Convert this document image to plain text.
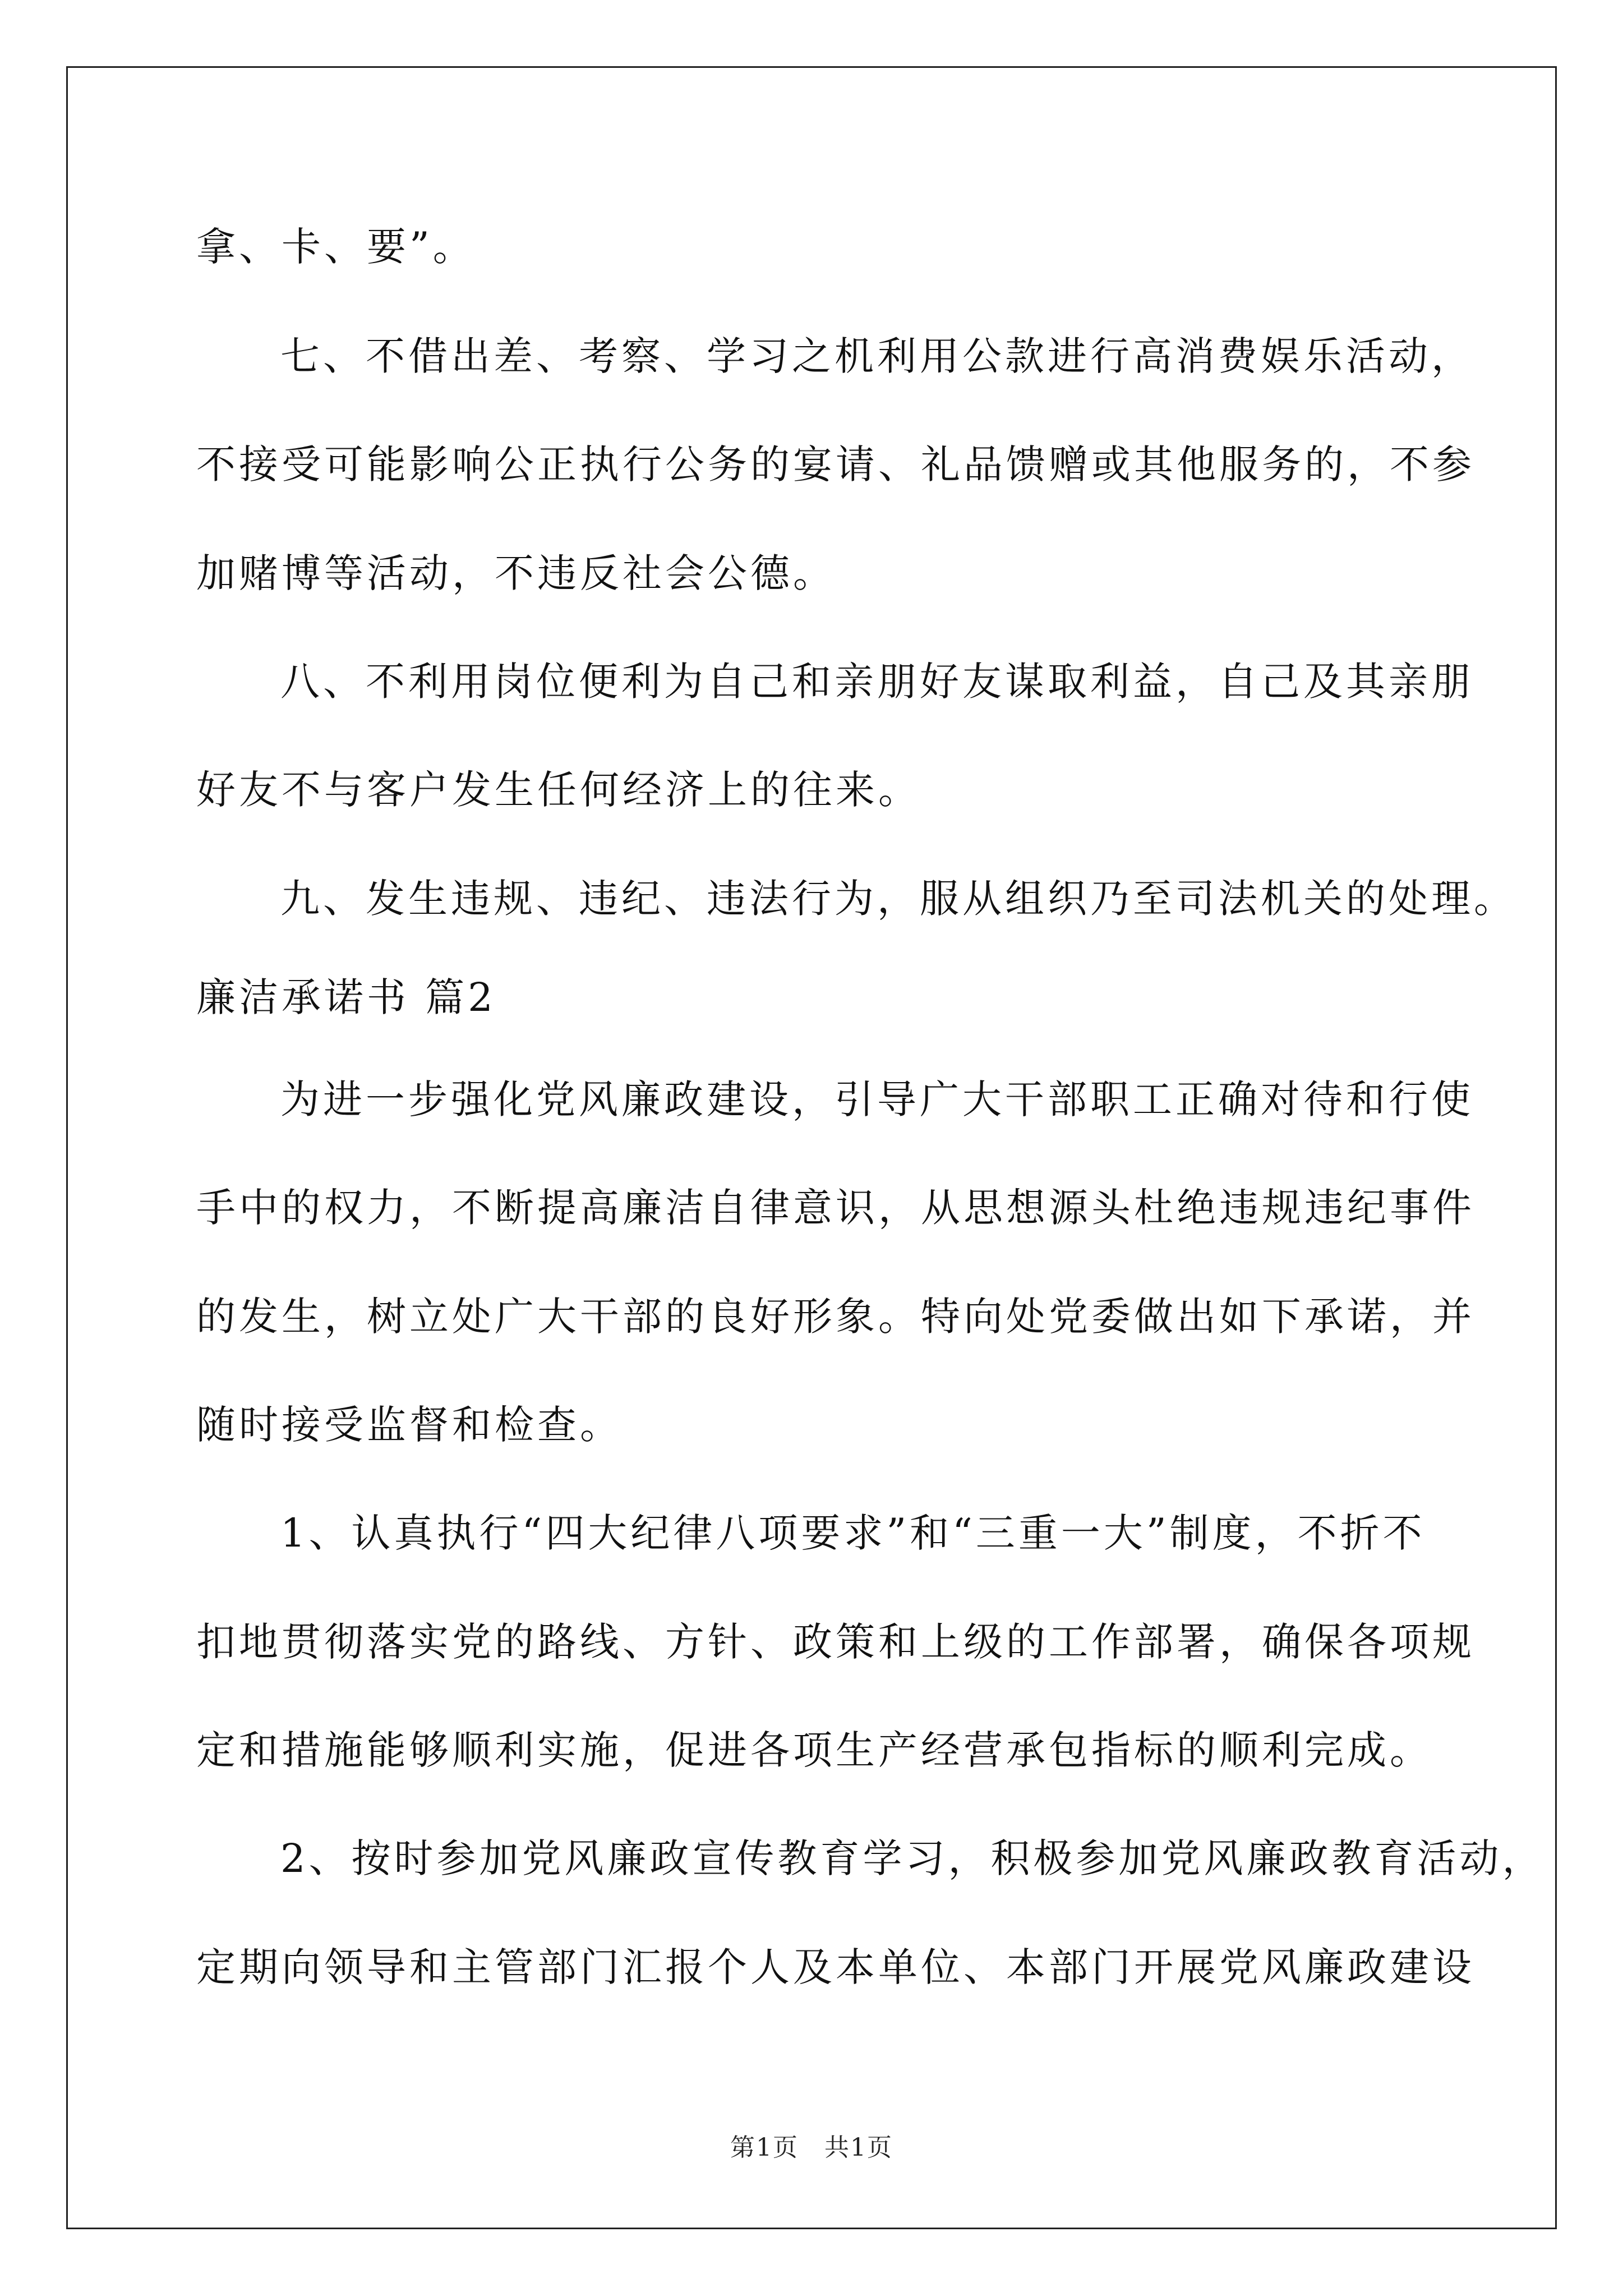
拿、卡、要”。
七、不借出差、考察、学习之机利用公款进行高消费娱乐活动，
不接受可能影响公正执行公务的宴请、礼品馈赠或其他服务的，不参
加赌博等活动，不违反社会公德。
八、不利用岗位便利为自己和亲朋好友谋取利益，自己及其亲朋
好友不与客户发生任何经济上的往来。
九、发生违规、违纪、违法行为，服从组织乃至司法机关的处理。
廉洁承诺书 篇2
为进一步强化党风廉政建设，引导广大干部职工正确对待和行使
手中的权力，不断提高廉洁自律意识，从思想源头杜绝违规违纪事件
的发生，树立处广大干部的良好形象。特向处党委做出如下承诺，并
随时接受监督和检查。
1、认真执行“四大纪律八项要求”和“三重一大”制度，不折不
扣地贯彻落实党的路线、方针、政策和上级的工作部署，确保各项规
定和措施能够顺利实施，促进各项生产经营承包指标的顺利完成。
2、按时参加党风廉政宣传教育学习，积极参加党风廉政教育活动，
定期向领导和主管部门汇报个人及本单位、本部门开展党风廉政建设
第1页　共1页
